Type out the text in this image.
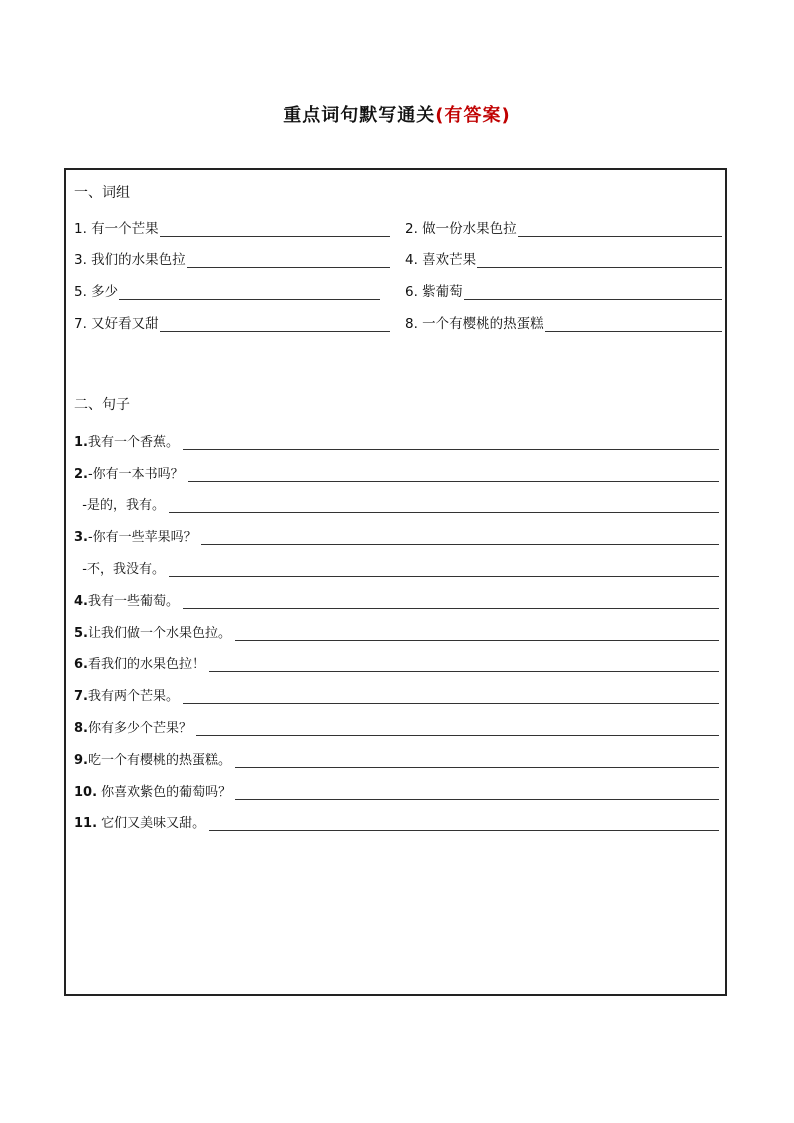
重点词句默写通关(有答案)
一、词组
1. 有一个芒果	2. 做一份水果色拉
3. 我们的水果色拉	4. 喜欢芒果
5. 多少	6. 紫葡萄
7. 又好看又甜	8. 一个有樱桃的热蛋糕
二、句子
1. 我有一个香蕉。
2. -你有一本书吗？
-是的，我有。
3. -你有一些苹果吗？
-不，我没有。
4. 我有一些葡萄。
5. 让我们做一个水果色拉。
6. 看我们的水果色拉！
7. 我有两个芒果。
8. 你有多少个芒果？
9. 吃一个有樱桃的热蛋糕。
10. 你喜欢紫色的葡萄吗？
11. 它们又美味又甜。
